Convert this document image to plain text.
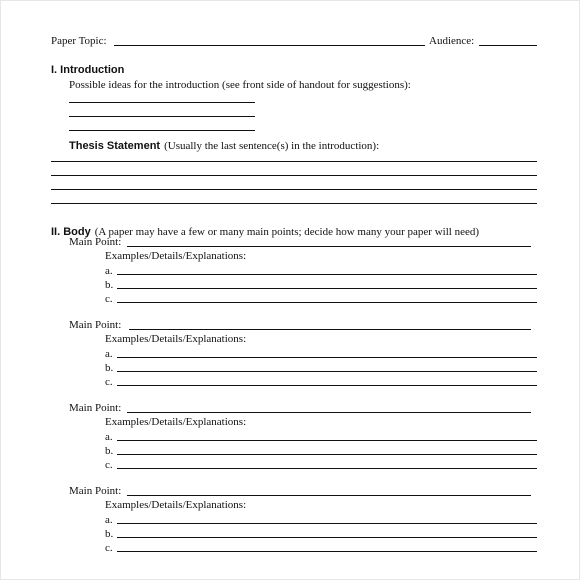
Paper Topic:	Audience:
I. Introduction
Possible ideas for the introduction (see front side of handout for suggestions):
Thesis Statement (Usually the last sentence(s) in the introduction):
II. Body (A paper may have a few or many main points; decide how many your paper will need)
Main Point:
Examples/Details/Explanations:
a.
b.
c.
Main Point:
Examples/Details/Explanations:
a.
b.
c.
Main Point:
Examples/Details/Explanations:
a.
b.
c.
Main Point:
Examples/Details/Explanations:
a.
b.
c.
